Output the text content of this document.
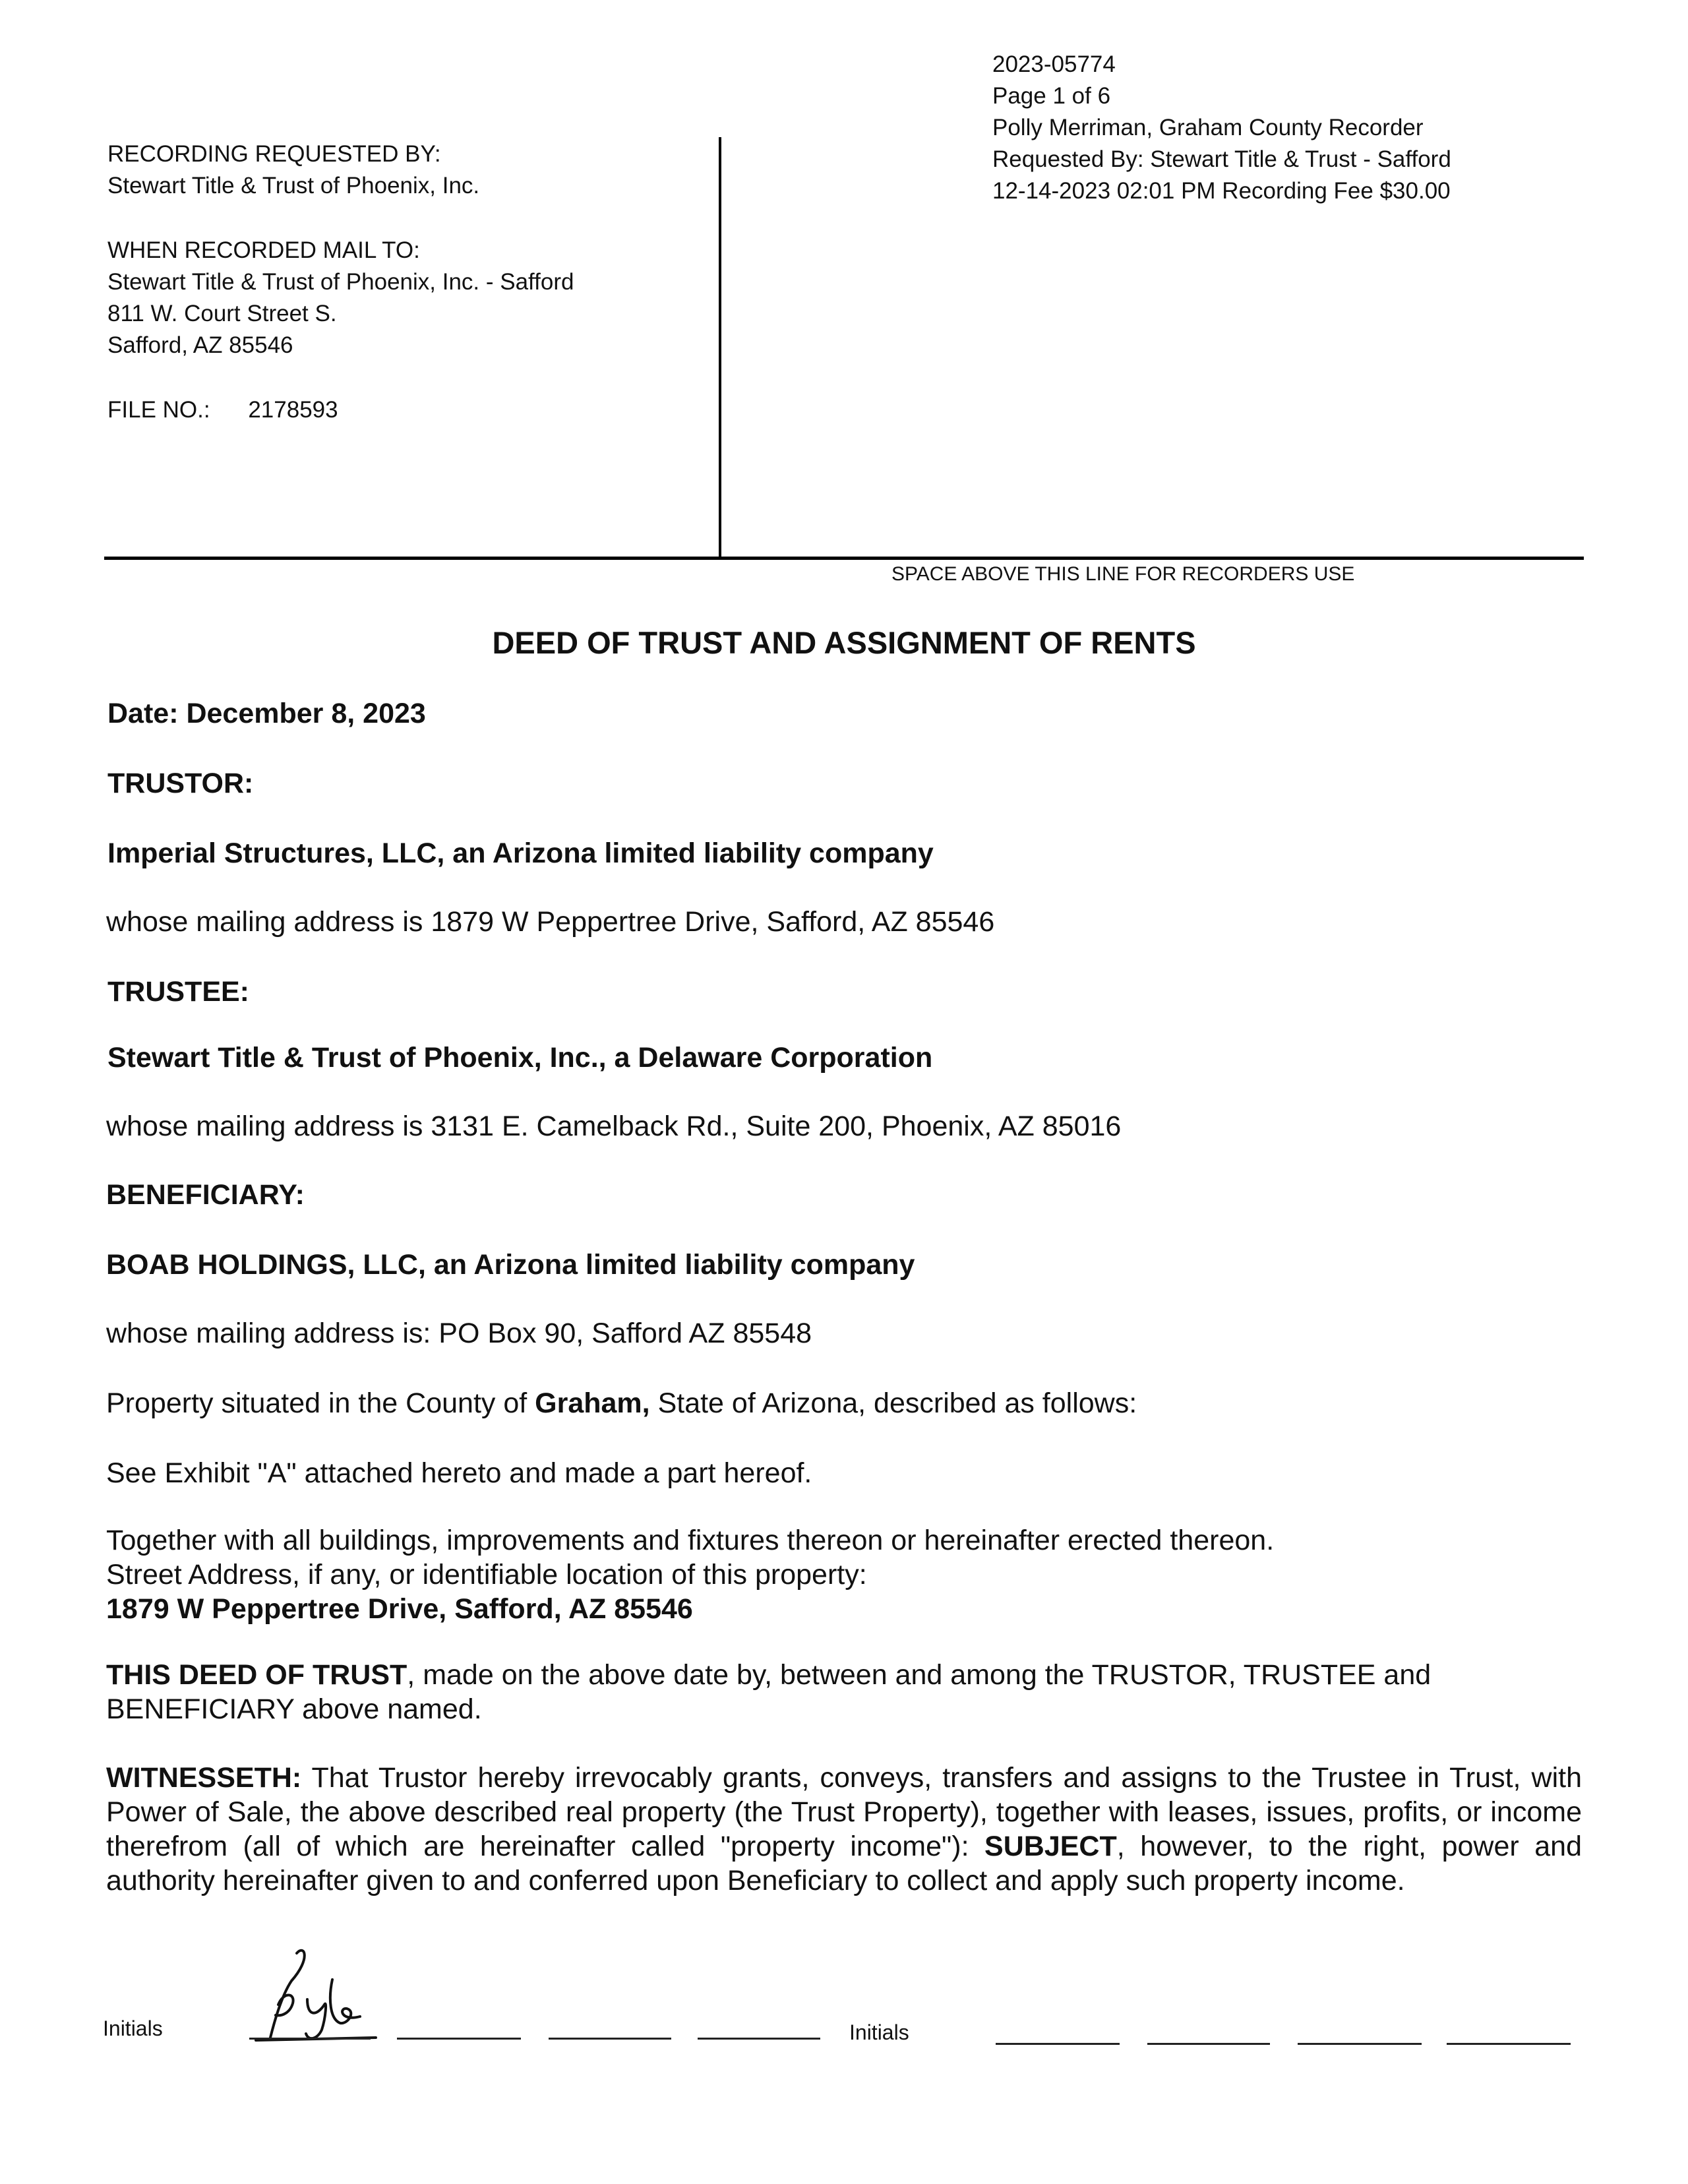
2023-05774
Page 1 of 6
Polly Merriman, Graham County Recorder
Requested By: Stewart Title & Trust - Safford
12-14-2023 02:01 PM Recording Fee $30.00
RECORDING REQUESTED BY:
Stewart Title & Trust of Phoenix, Inc.
WHEN RECORDED MAIL TO:
Stewart Title & Trust of Phoenix, Inc. - Safford
811 W. Court Street S.
Safford, AZ 85546
FILE NO.: 2178593
SPACE ABOVE THIS LINE FOR RECORDERS USE
DEED OF TRUST AND ASSIGNMENT OF RENTS
Date: December 8, 2023
TRUSTOR:
Imperial Structures, LLC, an Arizona limited liability company
whose mailing address is 1879 W Peppertree Drive, Safford, AZ 85546
TRUSTEE:
Stewart Title & Trust of Phoenix, Inc., a Delaware Corporation
whose mailing address is 3131 E. Camelback Rd., Suite 200, Phoenix, AZ 85016
BENEFICIARY:
BOAB HOLDINGS, LLC, an Arizona limited liability company
whose mailing address is: PO Box 90, Safford AZ 85548
Property situated in the County of Graham, State of Arizona, described as follows:
See Exhibit "A" attached hereto and made a part hereof.
Together with all buildings, improvements and fixtures thereon or hereinafter erected thereon.
Street Address, if any, or identifiable location of this property:
1879 W Peppertree Drive, Safford, AZ 85546
THIS DEED OF TRUST, made on the above date by, between and among the TRUSTOR, TRUSTEE and BENEFICIARY above named.
WITNESSETH: That Trustor hereby irrevocably grants, conveys, transfers and assigns to the Trustee in Trust, with Power of Sale, the above described real property (the Trust Property), together with leases, issues, profits, or income therefrom (all of which are hereinafter called "property income"): SUBJECT, however, to the right, power and authority hereinafter given to and conferred upon Beneficiary to collect and apply such property income.
Initials	Initials
